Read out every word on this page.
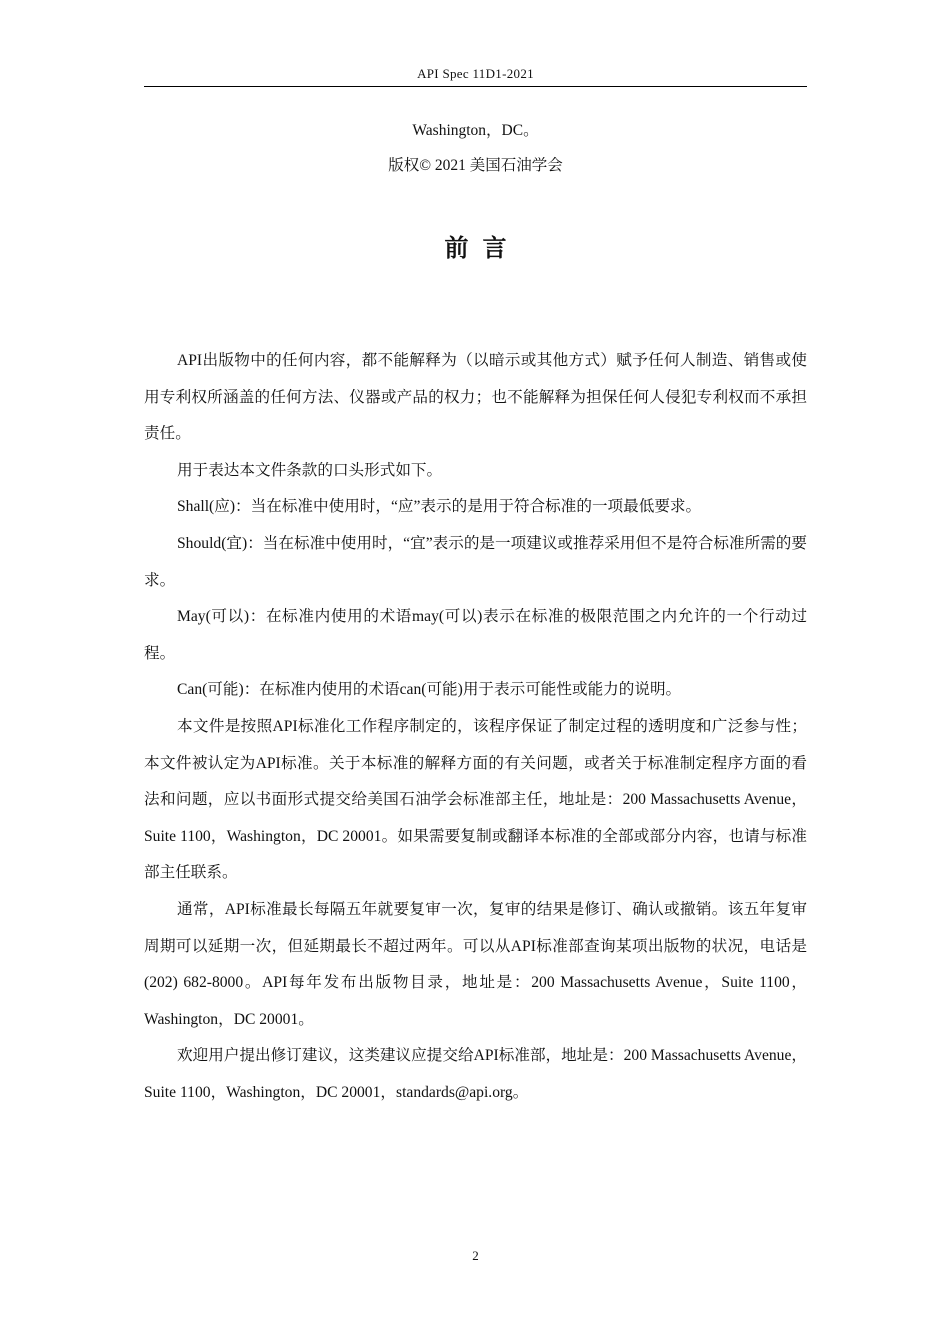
API Spec 11D1-2021
Washington，DC。
版权© 2021 美国石油学会
前言

API出版物中的任何内容，都不能解释为（以暗示或其他方式）赋予任何人制造、销售或使用专利权所涵盖的任何方法、仪器或产品的权力；也不能解释为担保任何人侵犯专利权而不承担责任。

用于表达本文件条款的口头形式如下。

Shall(应)：当在标准中使用时，“应”表示的是用于符合标准的一项最低要求。

Should(宜)：当在标准中使用时，“宜”表示的是一项建议或推荐采用但不是符合标准所需的要求。

May(可以)：在标准内使用的术语may(可以)表示在标准的极限范围之内允许的一个行动过程。

Can(可能)：在标准内使用的术语can(可能)用于表示可能性或能力的说明。

本文件是按照API标准化工作程序制定的，该程序保证了制定过程的透明度和广泛参与性；本文件被认定为API标准。关于本标准的解释方面的有关问题，或者关于标准制定程序方面的看法和问题，应以书面形式提交给美国石油学会标准部主任，地址是：200 Massachusetts Avenue，Suite 1100，Washington，DC 20001。如果需要复制或翻译本标准的全部或部分内容，也请与标准部主任联系。

通常，API标准最长每隔五年就要复审一次，复审的结果是修订、确认或撤销。该五年复审周期可以延期一次，但延期最长不超过两年。可以从API标准部查询某项出版物的状况，电话是(202) 682-8000。API每年发布出版物目录，地址是：200 Massachusetts Avenue，Suite 1100，Washington，DC 20001。

欢迎用户提出修订建议，这类建议应提交给API标准部，地址是：200 Massachusetts Avenue，Suite 1100，Washington，DC 20001，standards@api.org。

2
